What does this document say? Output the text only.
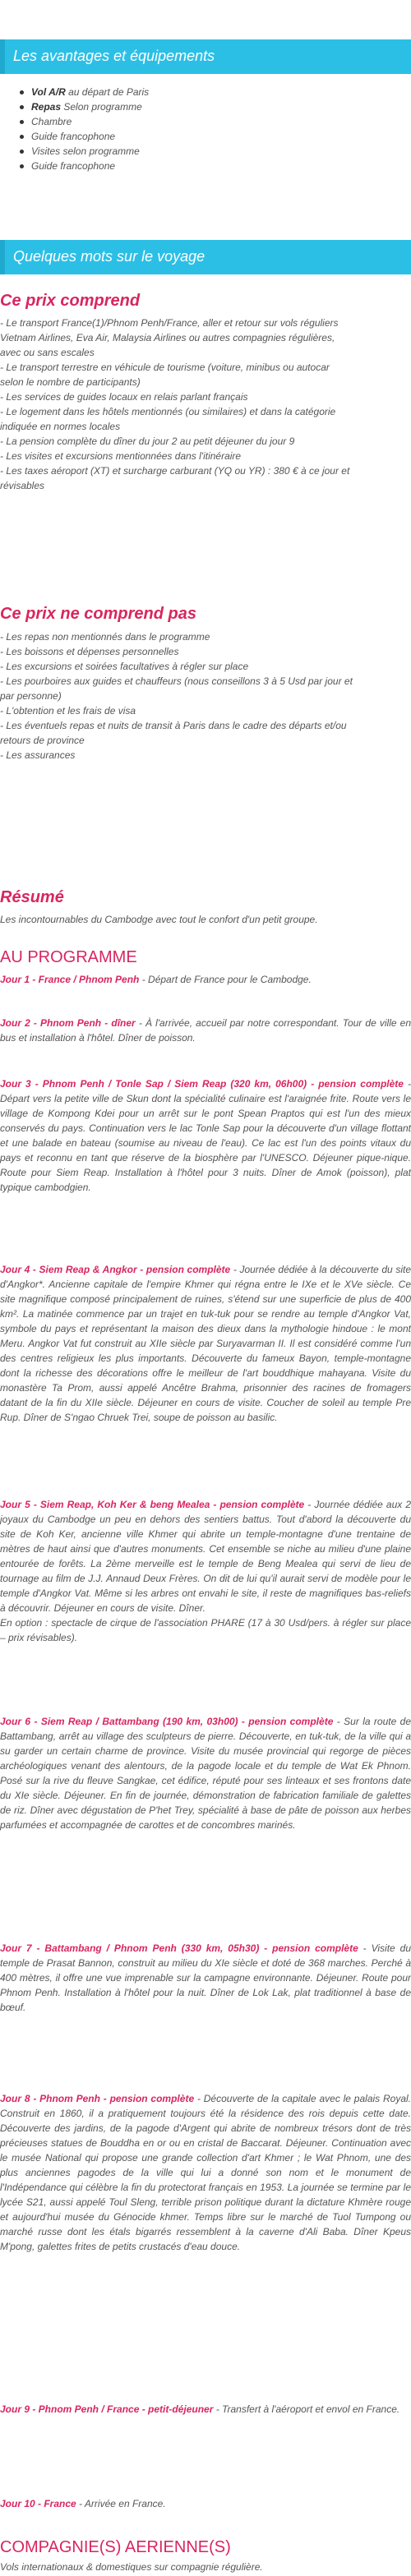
Les avantages et équipements
Vol A/R au départ de Paris
Repas Selon programme
Chambre
Guide francophone
Visites selon programme
Guide francophone
Quelques mots sur le voyage
Ce prix comprend
- Le transport France(1)/Phnom Penh/France, aller et retour sur vols réguliers
Vietnam Airlines, Eva Air, Malaysia Airlines ou autres compagnies régulières,
avec ou sans escales
- Le transport terrestre en véhicule de tourisme (voiture, minibus ou autocar
selon le nombre de participants)
- Les services de guides locaux en relais parlant français
- Le logement dans les hôtels mentionnés (ou similaires) et dans la catégorie
indiquée en normes locales
- La pension complète du dîner du jour 2 au petit déjeuner du jour 9
- Les visites et excursions mentionnées dans l'itinéraire
- Les taxes aéroport (XT) et surcharge carburant (YQ ou YR) : 380 € à ce jour et
révisables
Ce prix ne comprend pas
- Les repas non mentionnés dans le programme
- Les boissons et dépenses personnelles
- Les excursions et soirées facultatives à régler sur place
- Les pourboires aux guides et chauffeurs (nous conseillons 3 à 5 Usd par jour et
par personne)
- L'obtention et les frais de visa
- Les éventuels repas et nuits de transit à Paris dans le cadre des départs et/ou
retours de province
- Les assurances
Résumé
Les incontournables du Cambodge avec tout le confort d'un petit groupe.
AU PROGRAMME
Jour 1 - France / Phnom Penh - Départ de France pour le Cambodge.
Jour 2 - Phnom Penh - dîner - À l'arrivée, accueil par notre correspondant. Tour de ville en bus et installation à l'hôtel. Dîner de poisson.
Jour 3 - Phnom Penh / Tonle Sap / Siem Reap (320 km, 06h00) - pension complète - Départ vers la petite ville de Skun dont la spécialité culinaire est l'araignée frite. Route vers le village de Kompong Kdei pour un arrêt sur le pont Spean Praptos qui est l'un des mieux conservés du pays. Continuation vers le lac Tonle Sap pour la découverte d'un village flottant et une balade en bateau (soumise au niveau de l'eau). Ce lac est l'un des points vitaux du pays et reconnu en tant que réserve de la biosphère par l'UNESCO. Déjeuner pique-nique. Route pour Siem Reap. Installation à l'hôtel pour 3 nuits. Dîner de Amok (poisson), plat typique cambodgien.
Jour 4 - Siem Reap & Angkor - pension complète - Journée dédiée à la découverte du site d'Angkor*. Ancienne capitale de l'empire Khmer qui régna entre le IXe et le XVe siècle. Ce site magnifique composé principalement de ruines, s'étend sur une superficie de plus de 400 km². La matinée commence par un trajet en tuk-tuk pour se rendre au temple d'Angkor Vat, symbole du pays et représentant la maison des dieux dans la mythologie hindoue : le mont Meru. Angkor Vat fut construit au XIIe siècle par Suryavarman II. Il est considéré comme l'un des centres religieux les plus importants. Découverte du fameux Bayon, temple-montagne dont la richesse des décorations offre le meilleur de l'art bouddhique mahayana. Visite du monastère Ta Prom, aussi appelé Ancêtre Brahma, prisonnier des racines de fromagers datant de la fin du XIIe siècle. Déjeuner en cours de visite. Coucher de soleil au temple Pre Rup. Dîner de S'ngao Chruek Trei, soupe de poisson au basilic.
Jour 5 - Siem Reap, Koh Ker & beng Mealea - pension complète - Journée dédiée aux 2 joyaux du Cambodge un peu en dehors des sentiers battus. Tout d'abord la découverte du site de Koh Ker, ancienne ville Khmer qui abrite un temple-montagne d'une trentaine de mètres de haut ainsi que d'autres monuments. Cet ensemble se niche au milieu d'une plaine entourée de forêts. La 2ème merveille est le temple de Beng Mealea qui servi de lieu de tournage au film de J.J. Annaud Deux Frères. On dit de lui qu'il aurait servi de modèle pour le temple d'Angkor Vat. Même si les arbres ont envahi le site, il reste de magnifiques bas-reliefs à découvrir. Déjeuner en cours de visite. Dîner.
En option : spectacle de cirque de l'association PHARE (17 à 30 Usd/pers. à régler sur place – prix révisables).
Jour 6 - Siem Reap / Battambang (190 km, 03h00) - pension complète - Sur la route de Battambang, arrêt au village des sculpteurs de pierre. Découverte, en tuk-tuk, de la ville qui a su garder un certain charme de province. Visite du musée provincial qui regorge de pièces archéologiques venant des alentours, de la pagode locale et du temple de Wat Ek Phnom. Posé sur la rive du fleuve Sangkae, cet édifice, réputé pour ses linteaux et ses frontons date du XIe siècle. Déjeuner. En fin de journée, démonstration de fabrication familiale de galettes de riz. Dîner avec dégustation de P'het Trey, spécialité à base de pâte de poisson aux herbes parfumées et accompagnée de carottes et de concombres marinés.
Jour 7 - Battambang / Phnom Penh (330 km, 05h30) - pension complète - Visite du temple de Prasat Bannon, construit au milieu du XIe siècle et doté de 368 marches. Perché à 400 mètres, il offre une vue imprenable sur la campagne environnante. Déjeuner. Route pour Phnom Penh. Installation à l'hôtel pour la nuit. Dîner de Lok Lak, plat traditionnel à base de bœuf.
Jour 8 - Phnom Penh - pension complète - Découverte de la capitale avec le palais Royal. Construit en 1860, il a pratiquement toujours été la résidence des rois depuis cette date. Découverte des jardins, de la pagode d'Argent qui abrite de nombreux trésors dont de très précieuses statues de Bouddha en or ou en cristal de Baccarat. Déjeuner. Continuation avec le musée National qui propose une grande collection d'art Khmer ; le Wat Phnom, une des plus anciennes pagodes de la ville qui lui a donné son nom et le monument de l'Indépendance qui célèbre la fin du protectorat français en 1953. La journée se termine par le lycée S21, aussi appelé Toul Sleng, terrible prison politique durant la dictature Khmère rouge et aujourd'hui musée du Génocide khmer. Temps libre sur le marché de Tuol Tumpong ou marché russe dont les étals bigarrés ressemblent à la caverne d'Ali Baba. Dîner Kpeus M'pong, galettes frites de petits crustacés d'eau douce.
Jour 9 - Phnom Penh / France - petit-déjeuner - Transfert à l'aéroport et envol en France.
Jour 10 - France - Arrivée en France.
COMPAGNIE(S) AERIENNE(S)
Vols internationaux & domestiques sur compagnie régulière.
